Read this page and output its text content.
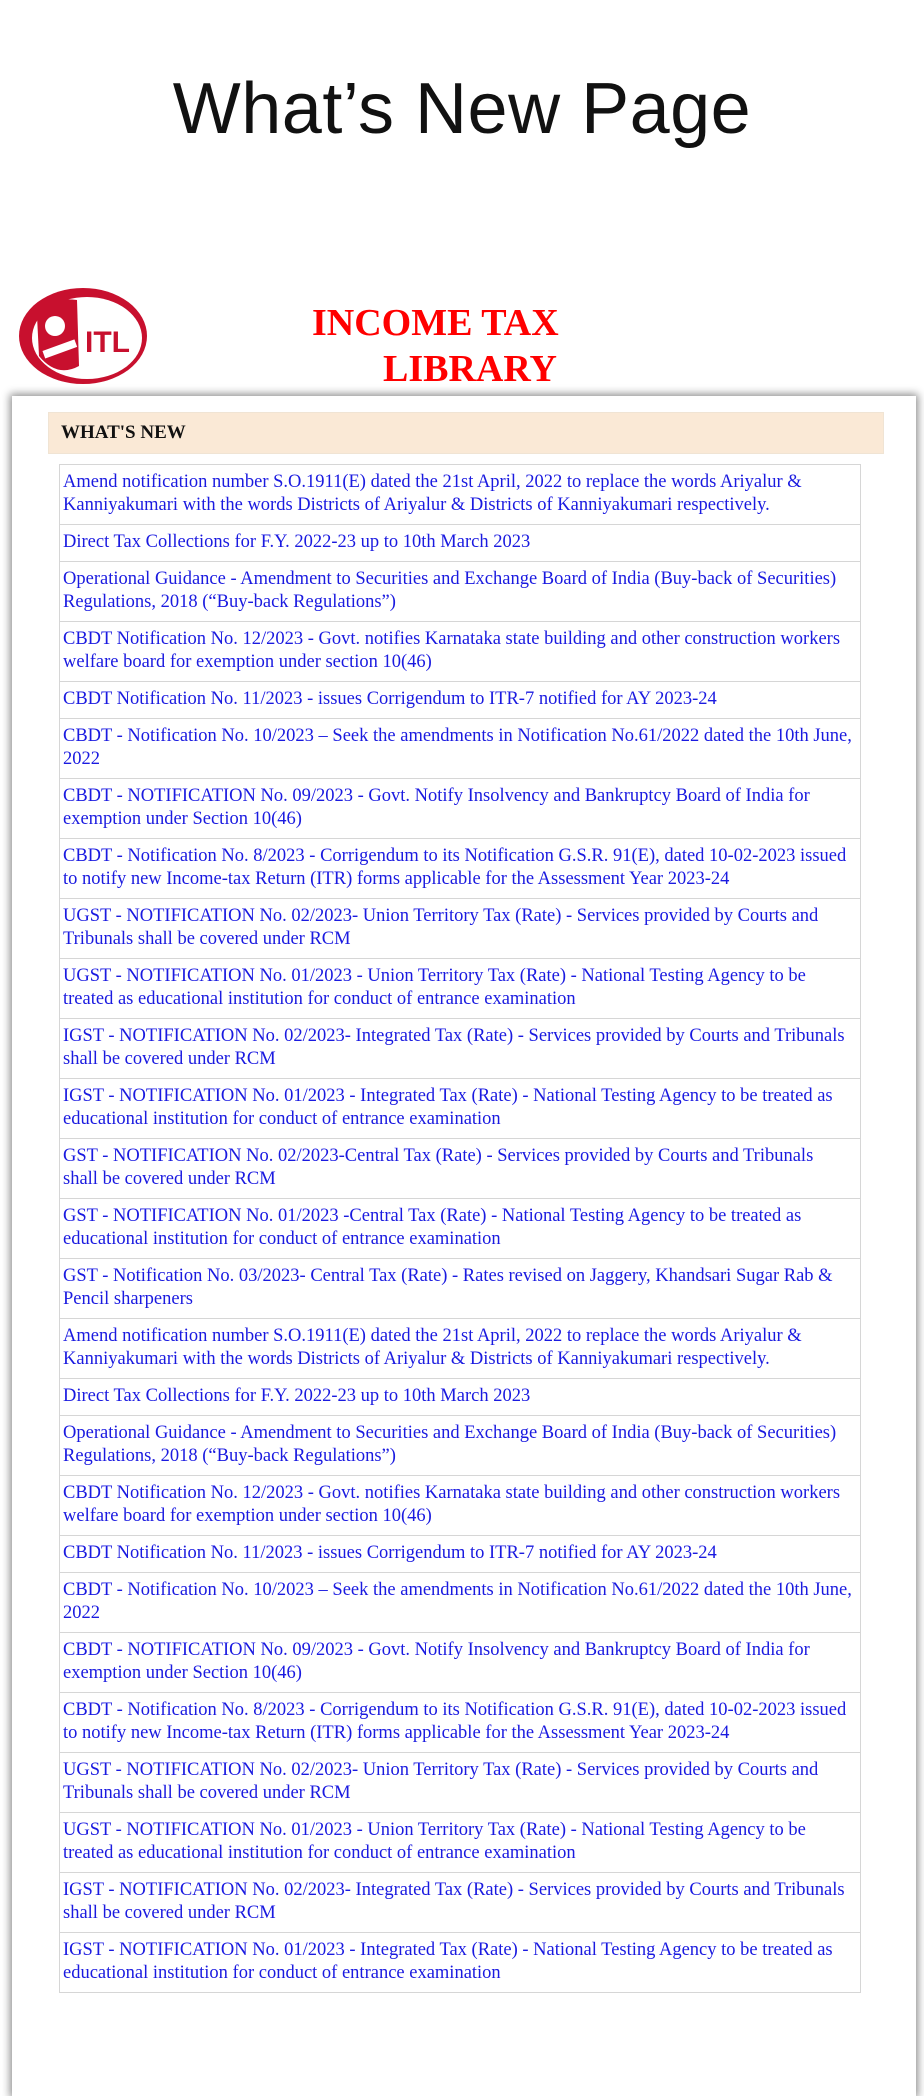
What’s New Page
ITL	INCOME TAX
LIBRARY
WHAT'S NEW
Amend notification number S.O.1911(E) dated the 21st April, 2022 to replace the words Ariyalur & Kanniyakumari with the words Districts of Ariyalur & Districts of Kanniyakumari respectively.
Direct Tax Collections for F.Y. 2022-23 up to 10th March 2023
Operational Guidance - Amendment to Securities and Exchange Board of India (Buy-back of Securities) Regulations, 2018 (“Buy-back Regulations”)
CBDT Notification No. 12/2023 - Govt. notifies Karnataka state building and other construction workers welfare board for exemption under section 10(46)
CBDT Notification No. 11/2023 - issues Corrigendum to ITR-7 notified for AY 2023-24
CBDT - Notification No. 10/2023 – Seek the amendments in Notification No.61/2022 dated the 10th June, 2022
CBDT - NOTIFICATION No. 09/2023 - Govt. Notify Insolvency and Bankruptcy Board of India for exemption under Section 10(46)
CBDT - Notification No. 8/2023 - Corrigendum to its Notification G.S.R. 91(E), dated 10-02-2023 issued to notify new Income-tax Return (ITR) forms applicable for the Assessment Year 2023-24
UGST - NOTIFICATION No. 02/2023- Union Territory Tax (Rate) - Services provided by Courts and Tribunals shall be covered under RCM
UGST - NOTIFICATION No. 01/2023 - Union Territory Tax (Rate) - National Testing Agency to be treated as educational institution for conduct of entrance examination
IGST - NOTIFICATION No. 02/2023- Integrated Tax (Rate) - Services provided by Courts and Tribunals shall be covered under RCM
IGST - NOTIFICATION No. 01/2023 - Integrated Tax (Rate) - National Testing Agency to be treated as educational institution for conduct of entrance examination
GST - NOTIFICATION No. 02/2023-Central Tax (Rate) - Services provided by Courts and Tribunals shall be covered under RCM
GST - NOTIFICATION No. 01/2023 -Central Tax (Rate) - National Testing Agency to be treated as educational institution for conduct of entrance examination
GST - Notification No. 03/2023- Central Tax (Rate) - Rates revised on Jaggery, Khandsari Sugar Rab & Pencil sharpeners
Amend notification number S.O.1911(E) dated the 21st April, 2022 to replace the words Ariyalur & Kanniyakumari with the words Districts of Ariyalur & Districts of Kanniyakumari respectively.
Direct Tax Collections for F.Y. 2022-23 up to 10th March 2023
Operational Guidance - Amendment to Securities and Exchange Board of India (Buy-back of Securities) Regulations, 2018 (“Buy-back Regulations”)
CBDT Notification No. 12/2023 - Govt. notifies Karnataka state building and other construction workers welfare board for exemption under section 10(46)
CBDT Notification No. 11/2023 - issues Corrigendum to ITR-7 notified for AY 2023-24
CBDT - Notification No. 10/2023 – Seek the amendments in Notification No.61/2022 dated the 10th June, 2022
CBDT - NOTIFICATION No. 09/2023 - Govt. Notify Insolvency and Bankruptcy Board of India for exemption under Section 10(46)
CBDT - Notification No. 8/2023 - Corrigendum to its Notification G.S.R. 91(E), dated 10-02-2023 issued to notify new Income-tax Return (ITR) forms applicable for the Assessment Year 2023-24
UGST - NOTIFICATION No. 02/2023- Union Territory Tax (Rate) - Services provided by Courts and Tribunals shall be covered under RCM
UGST - NOTIFICATION No. 01/2023 - Union Territory Tax (Rate) - National Testing Agency to be treated as educational institution for conduct of entrance examination
IGST - NOTIFICATION No. 02/2023- Integrated Tax (Rate) - Services provided by Courts and Tribunals shall be covered under RCM
IGST - NOTIFICATION No. 01/2023 - Integrated Tax (Rate) - National Testing Agency to be treated as educational institution for conduct of entrance examination
